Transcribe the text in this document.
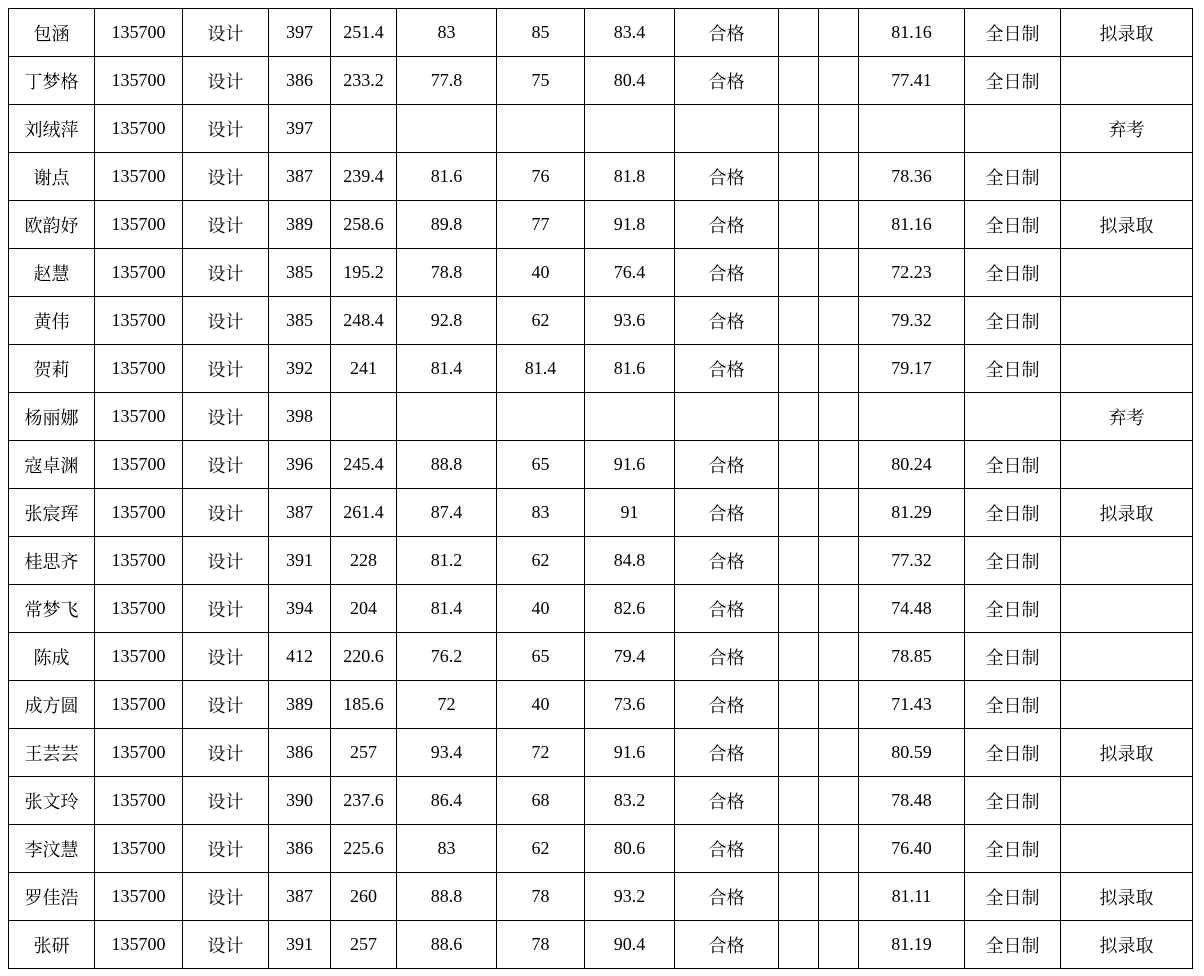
包涵	135700	设计	397	251.4	83	85	83.4	合格			81.16	全日制	拟录取
丁梦格	135700	设计	386	233.2	77.8	75	80.4	合格			77.41	全日制	
刘绒萍	135700	设计	397										弃考
谢点	135700	设计	387	239.4	81.6	76	81.8	合格			78.36	全日制	
欧韵妤	135700	设计	389	258.6	89.8	77	91.8	合格			81.16	全日制	拟录取
赵慧	135700	设计	385	195.2	78.8	40	76.4	合格			72.23	全日制	
黄伟	135700	设计	385	248.4	92.8	62	93.6	合格			79.32	全日制	
贺莉	135700	设计	392	241	81.4	81.4	81.6	合格			79.17	全日制	
杨丽娜	135700	设计	398										弃考
寇卓渊	135700	设计	396	245.4	88.8	65	91.6	合格			80.24	全日制	
张宸珲	135700	设计	387	261.4	87.4	83	91	合格			81.29	全日制	拟录取
桂思齐	135700	设计	391	228	81.2	62	84.8	合格			77.32	全日制	
常梦飞	135700	设计	394	204	81.4	40	82.6	合格			74.48	全日制	
陈成	135700	设计	412	220.6	76.2	65	79.4	合格			78.85	全日制	
成方圆	135700	设计	389	185.6	72	40	73.6	合格			71.43	全日制	
王芸芸	135700	设计	386	257	93.4	72	91.6	合格			80.59	全日制	拟录取
张文玲	135700	设计	390	237.6	86.4	68	83.2	合格			78.48	全日制	
李汶慧	135700	设计	386	225.6	83	62	80.6	合格			76.40	全日制	
罗佳浩	135700	设计	387	260	88.8	78	93.2	合格			81.11	全日制	拟录取
张研	135700	设计	391	257	88.6	78	90.4	合格			81.19	全日制	拟录取
